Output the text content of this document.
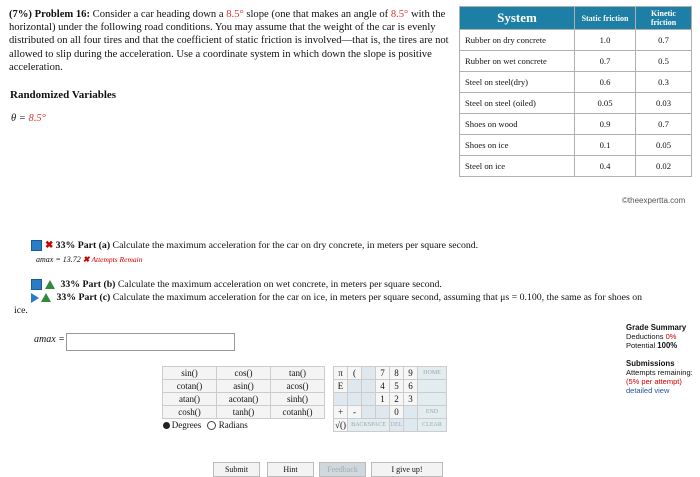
(7%) Problem 16: Consider a car heading down a 8.5° slope (one that makes an angle of 8.5° with the horizontal) under the following road conditions. You may assume that the weight of the car is evenly distributed on all four tires and that the coefficient of static friction is involved—that is, the tires are not allowed to slip during the acceleration. Use a coordinate system in which down the slope is positive acceleration.
Randomized Variables
θ = 8.5°
System	Static friction	Kinetic friction
Rubber on dry concrete	1.0	0.7
Rubber on wet concrete	0.7	0.5
Steel on steel(dry)	0.6	0.3
Steel on steel (oiled)	0.05	0.03
Shoes on wood	0.9	0.7
Shoes on ice	0.1	0.05
Steel on ice	0.4	0.02
©theexpertta.com
✖ 33% Part (a) Calculate the maximum acceleration for the car on dry concrete, in meters per square second.
amax = 13.72 ✖ Attempts Remain
33% Part (b) Calculate the maximum acceleration on wet concrete, in meters per square second.
33% Part (c) Calculate the maximum acceleration for the car on ice, in meters per square second, assuming that μs = 0.100, the same as for shoes on
ice.
amax =
sin()	cos()	tan()		π	(		7	8	9	HOME
cotan()	asin()	acos()		E			4	5	6	
atan()	acotan()	sinh()					1	2	3	
cosh()	tanh()	cotanh()		+	-			0		END
Degrees Radians				√()	BACKSPACE			DEL		CLEAR
Submit	Hint	Feedback	I give up!
Grade Summary
Deductions 0%
Potential 100%

Submissions
Attempts remaining:
(5% per attempt)
detailed view
